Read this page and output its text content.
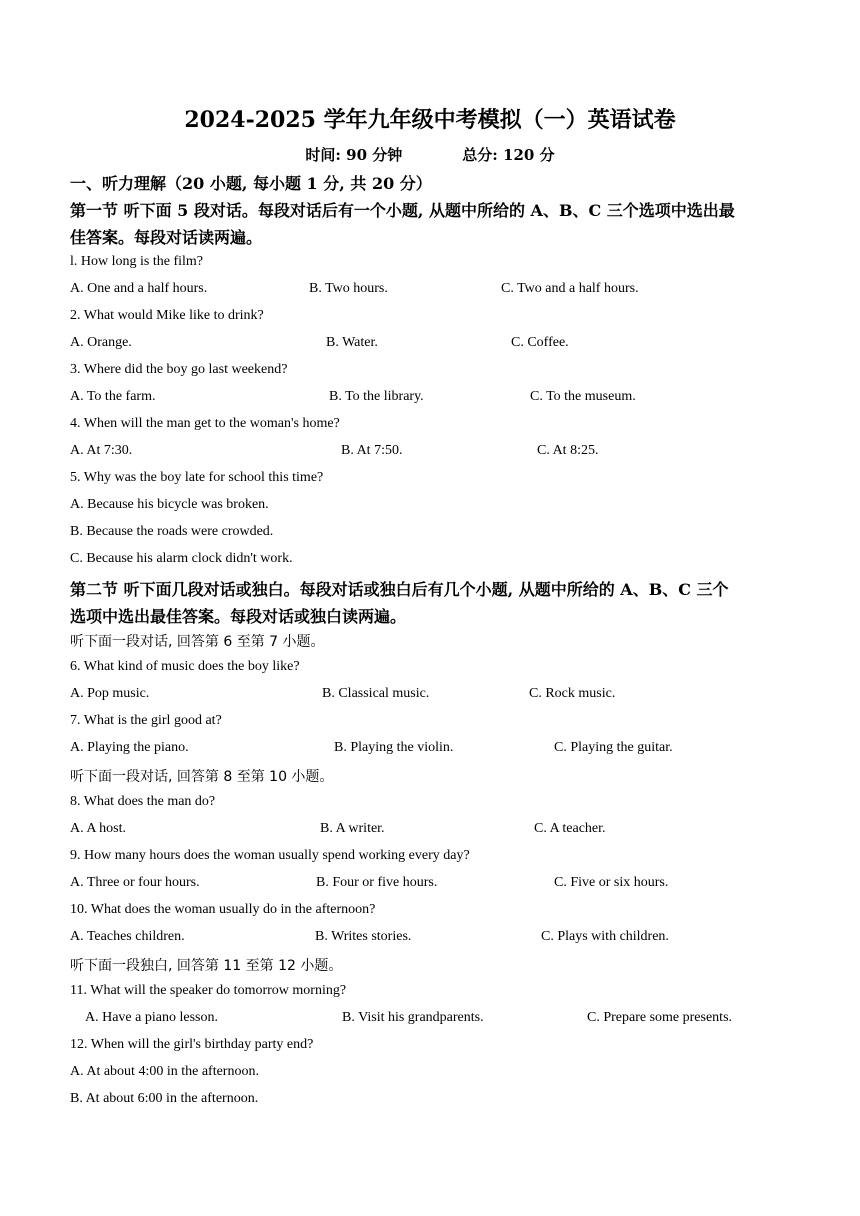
2024-2025 学年九年级中考模拟（一）英语试卷
时间: 90 分钟	总分: 120 分
一、听力理解（20 小题, 每小题 1 分, 共 20 分）
第一节 听下面 5 段对话。每段对话后有一个小题, 从题中所给的 A、B、C 三个选项中选出最
佳答案。每段对话读两遍。
l. How long is the film?
A. One and a half hours.	B. Two hours.	C. Two and a half hours.
2. What would Mike like to drink?
A. Orange.	B. Water.	C. Coffee.
3. Where did the boy go last weekend?
A. To the farm.	B. To the library.	C. To the museum.
4. When will the man get to the woman's home?
A. At 7:30.	B. At 7:50.	C. At 8:25.
5. Why was the boy late for school this time?
A. Because his bicycle was broken.
B. Because the roads were crowded.
C. Because his alarm clock didn't work.
第二节 听下面几段对话或独白。每段对话或独白后有几个小题, 从题中所给的 A、B、C 三个
选项中选出最佳答案。每段对话或独白读两遍。
听下面一段对话, 回答第 6 至第 7 小题。
6. What kind of music does the boy like?
A. Pop music.	B. Classical music.	C. Rock music.
7. What is the girl good at?
A. Playing the piano.	B. Playing the violin.	C. Playing the guitar.
听下面一段对话, 回答第 8 至第 10 小题。
8. What does the man do?
A. A host.	B. A writer.	C. A teacher.
9. How many hours does the woman usually spend working every day?
A. Three or four hours.	B. Four or five hours.	C. Five or six hours.
10. What does the woman usually do in the afternoon?
A. Teaches children.	B. Writes stories.	C. Plays with children.
听下面一段独白, 回答第 11 至第 12 小题。
11. What will the speaker do tomorrow morning?
A. Have a piano lesson.	B. Visit his grandparents.	C. Prepare some presents.
12. When will the girl's birthday party end?
A. At about 4:00 in the afternoon.
B. At about 6:00 in the afternoon.
